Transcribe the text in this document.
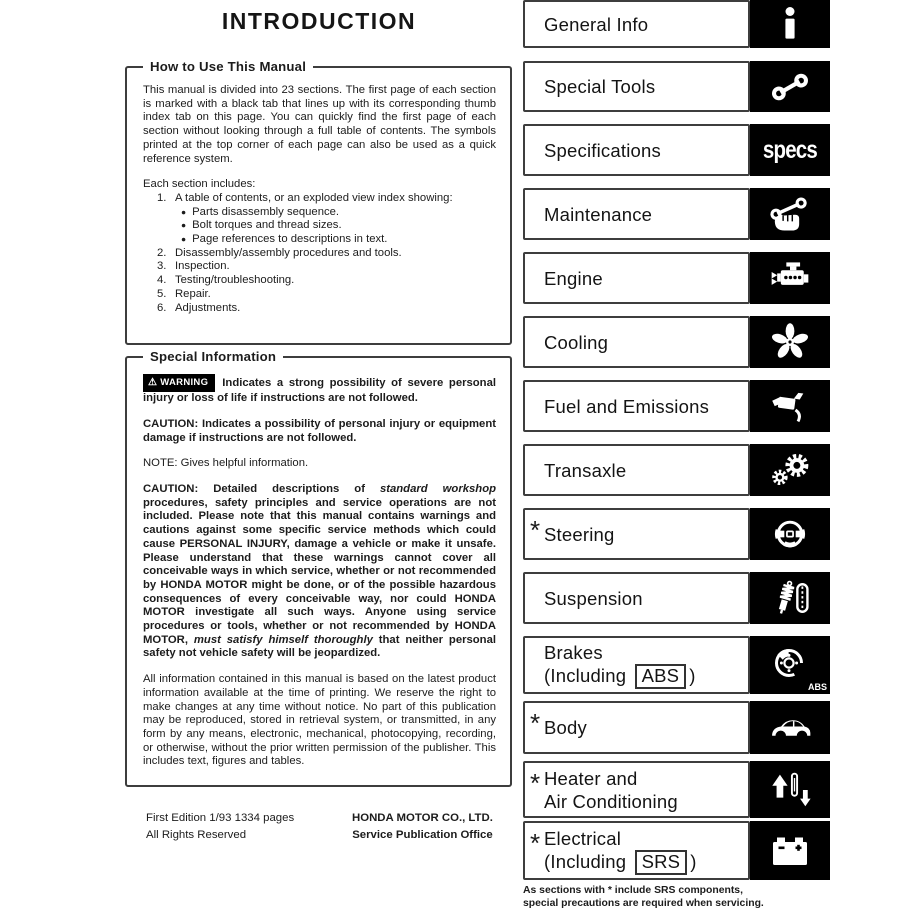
INTRODUCTION
How to Use This Manual

This manual is divided into 23 sections. The first page of each section is marked with a black tab that lines up with its corresponding thumb index tab on this page. You can quickly find the first page of each section without looking through a full table of contents. The symbols printed at the top corner of each page can also be used as a quick reference system.

Each section includes:
1. A table of contents, or an exploded view index showing:
● Parts disassembly sequence.
● Bolt torques and thread sizes.
● Page references to descriptions in text.
2. Disassembly/assembly procedures and tools.
3. Inspection.
4. Testing/troubleshooting.
5. Repair.
6. Adjustments.
Special Information

⚠ WARNING Indicates a strong possibility of severe personal injury or loss of life if instructions are not followed.

CAUTION: Indicates a possibility of personal injury or equipment damage if instructions are not followed.

NOTE: Gives helpful information.

CAUTION: Detailed descriptions of standard workshop procedures, safety principles and service operations are not included. Please note that this manual contains warnings and cautions against some specific service methods which could cause PERSONAL INJURY, damage a vehicle or make it unsafe. Please understand that these warnings cannot cover all conceivable ways in which service, whether or not recommended by HONDA MOTOR might be done, or of the possible hazardous consequences of every conceivable way, nor could HONDA MOTOR investigate all such ways. Anyone using service procedures or tools, whether or not recommended by HONDA MOTOR, must satisfy himself thoroughly that neither personal safety not vehicle safety will be jeopardized.

All information contained in this manual is based on the latest product information available at the time of printing. We reserve the right to make changes at any time without notice. No part of this publication may be reproduced, stored in retrieval system, or transmitted, in any form by any means, electronic, mechanical, photocopying, recording, or otherwise, without the prior written permission of the publisher. This includes text, figures and tables.

First Edition 1/93 1334 pages
All Rights Reserved
HONDA MOTOR CO., LTD.
Service Publication Office
General Info
Special Tools
Specifications	specs
Maintenance
Engine
Cooling
Fuel and Emissions
Transaxle
* Steering
Suspension
Brakes
(Including ABS )
ABS
* Body
* Heater and
Air Conditioning
* Electrical
(Including SRS )
As sections with * include SRS components, special precautions are required when servicing.
